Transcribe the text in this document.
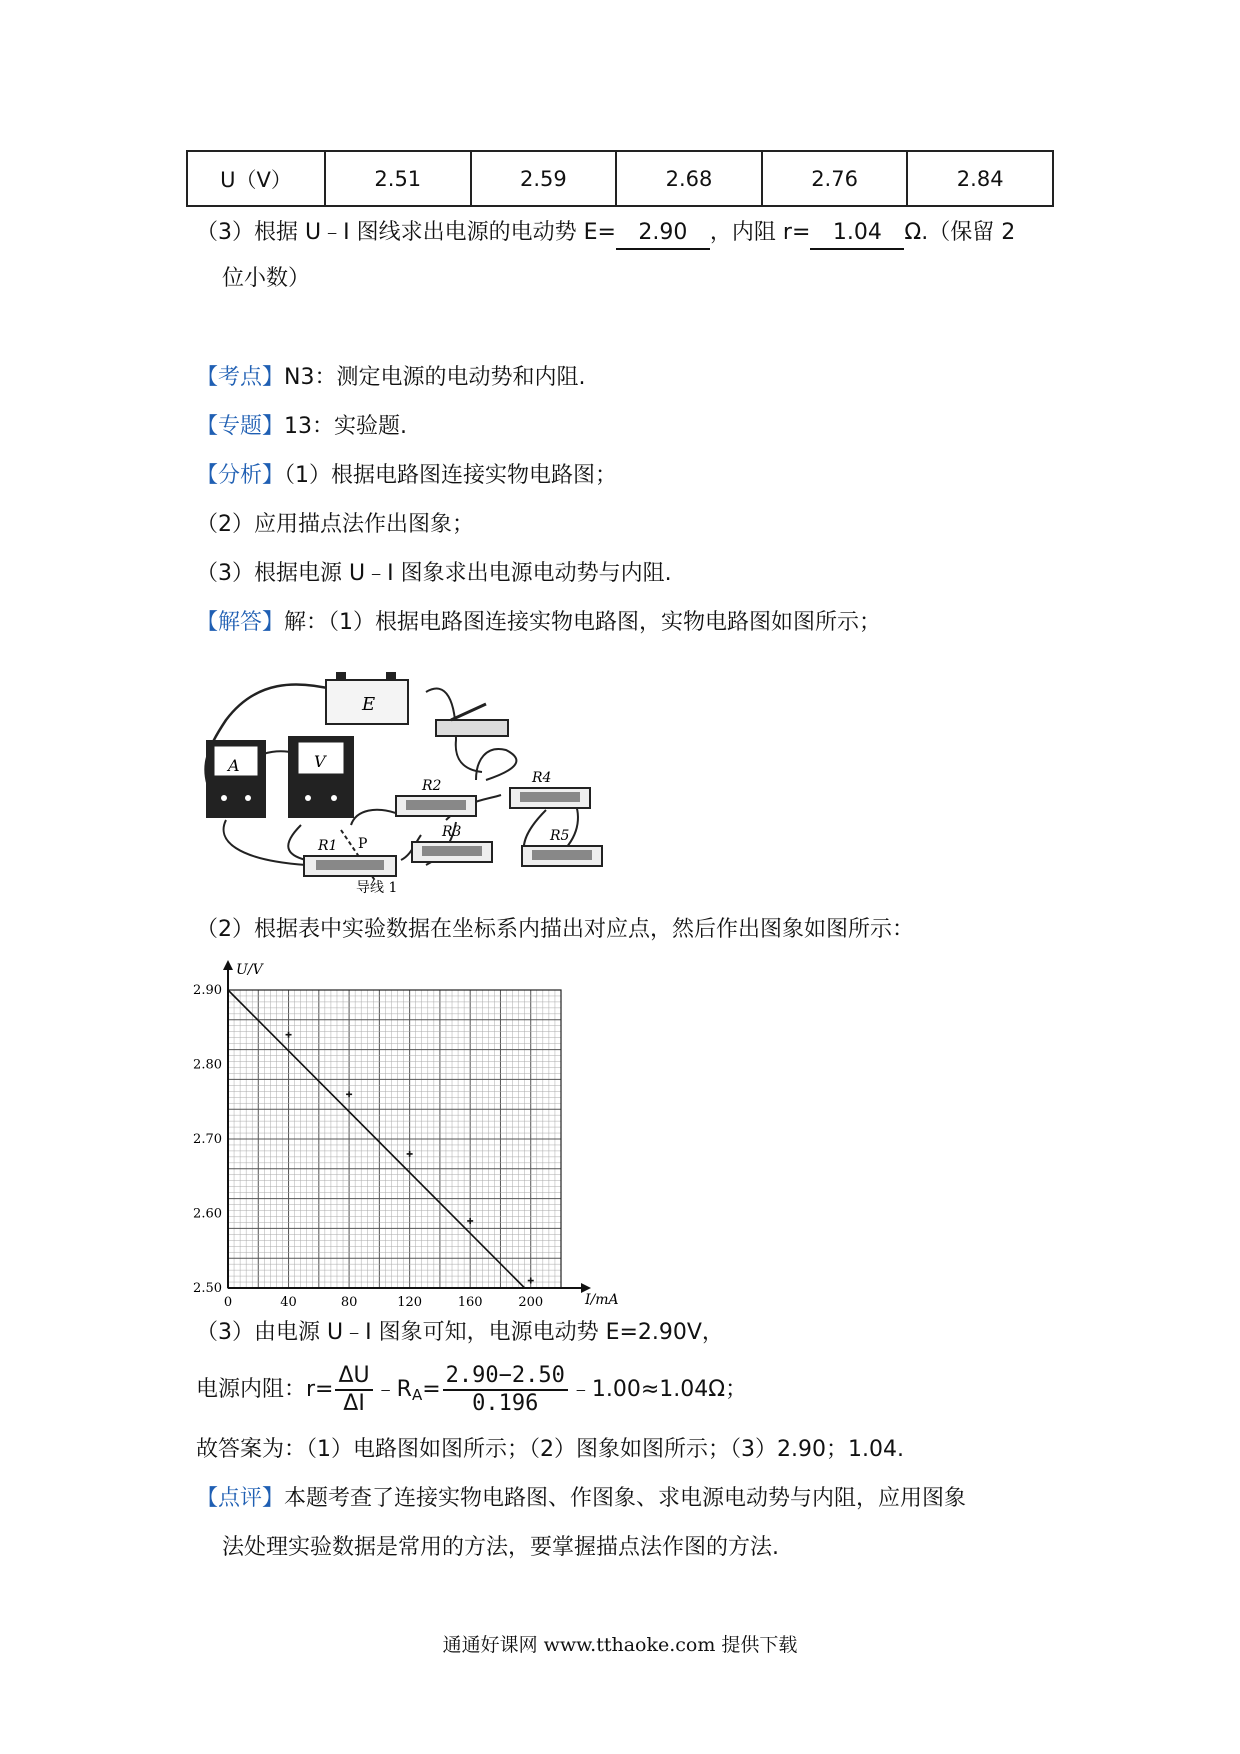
U（V）	2.51	2.59	2.68	2.76	2.84
（3）根据 U﹣I 图线求出电源的电动势 E= 2.90 ，内阻 r= 1.04 Ω.（保留 2
位小数）
【考点】N3：测定电源的电动势和内阻.
【专题】13：实验题.
【分析】（1）根据电路图连接实物电路图；
（2）应用描点法作出图象；
（3）根据电源 U﹣I 图象求出电源电动势与内阻.
【解答】解：（1）根据电路图连接实物电路图，实物电路图如图所示；
E
A	V
R1 P
R2
R3
R4
R5
导线 1
（2）根据表中实验数据在坐标系内描出对应点，然后作出图象如图所示：
U/V
I/mA
0	40	80	120	160	200
2.50
2.60
2.70
2.80
2.90
（3）由电源 U﹣I 图象可知，电源电动势 E=2.90V，
电源内阻：$r= \frac{\Delta U}{\Delta I}$ $﹣R_A= \frac{2.90-2.50}{0.196}$ ﹣1.00≈1.04Ω；
故答案为：（1）电路图如图所示；（2）图象如图所示；（3）2.90；1.04.
【点评】本题考查了连接实物电路图、作图象、求电源电动势与内阻，应用图象
法处理实验数据是常用的方法，要掌握描点法作图的方法.
通通好课网 www.tthaoke.com 提供下载
